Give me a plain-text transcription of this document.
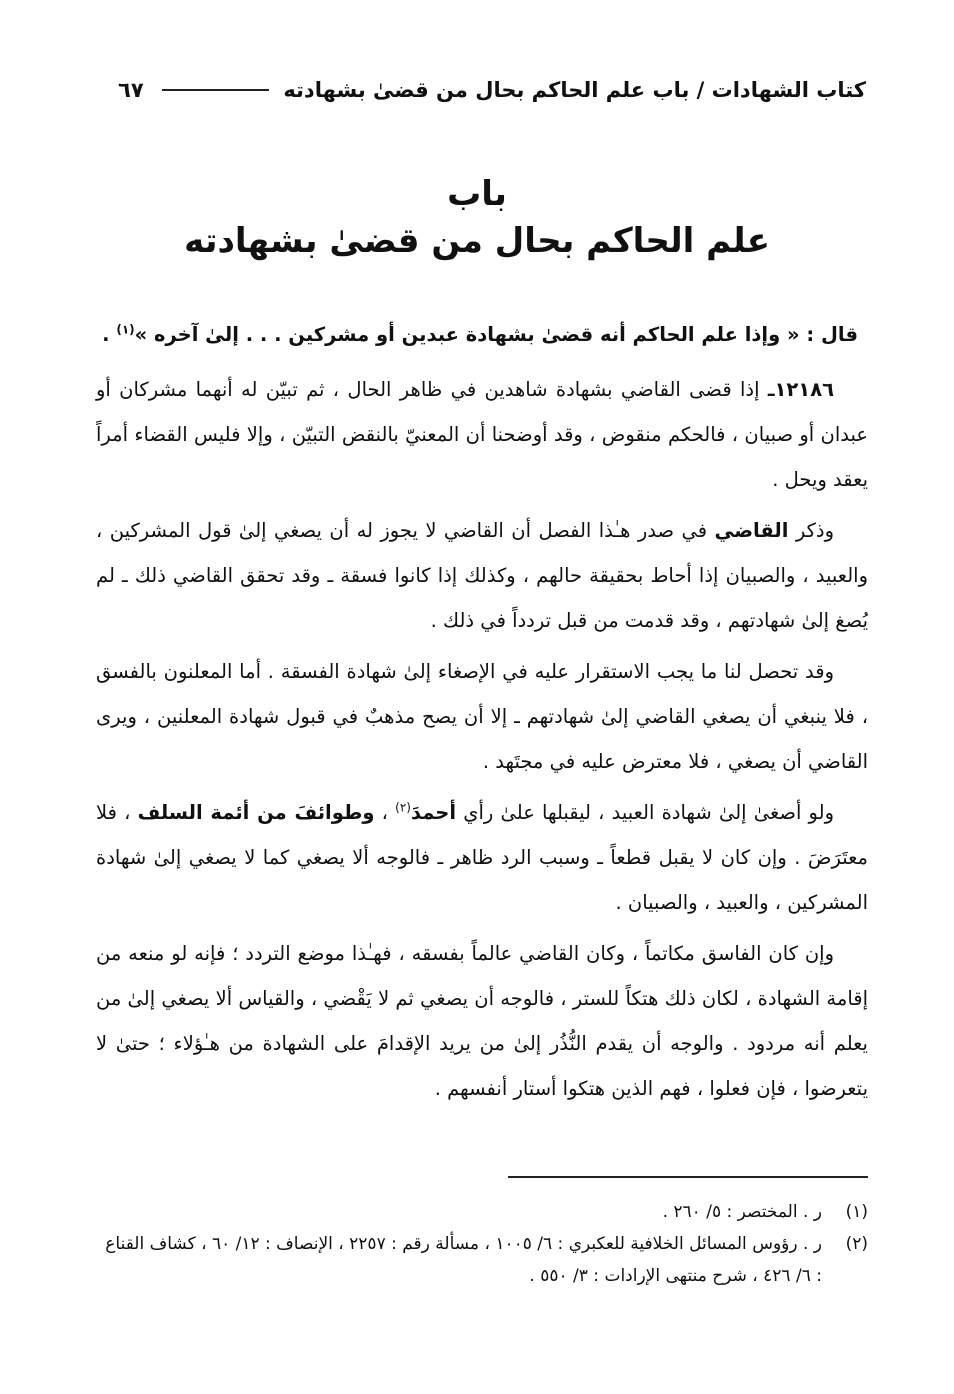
كتاب الشهادات / باب علم الحاكم بحال من قضىٰ بشهادته
٦٧
باب
علم الحاكم بحال من قضىٰ بشهادته

قال : « وإذا علم الحاكم أنه قضىٰ بشهادة عبدين أو مشركين . . . إلىٰ آخره »$^{(١)}$ .

١٢١٨٦ـ إذا قضى القاضي بشهادة شاهدين في ظاهر الحال ، ثم تبيّن له أنهما مشركان أو عبدان أو صبيان ، فالحكم منقوض ، وقد أوضحنا أن المعنيّ بالنقض التبيّن ، وإلا فليس القضاء أمراً يعقد ويحل .

وذكر القاضي في صدر هـٰذا الفصل أن القاضي لا يجوز له أن يصغي إلىٰ قول المشركين ، والعبيد ، والصبيان إذا أحاط بحقيقة حالهم ، وكذلك إذا كانوا فسقة ـ وقد تحقق القاضي ذلك ـ لم يُصغ إلىٰ شهادتهم ، وقد قدمت من قبل تردداً في ذلك .

وقد تحصل لنا ما يجب الاستقرار عليه في الإصغاء إلىٰ شهادة الفسقة . أما المعلنون بالفسق ، فلا ينبغي أن يصغي القاضي إلىٰ شهادتهم ـ إلا أن يصح مذهبٌ في قبول شهادة المعلنين ، ويرى القاضي أن يصغي ، فلا معترض عليه في مجتَهد .

ولو أصغىٰ إلىٰ شهادة العبيد ، ليقبلها علىٰ رأي أحمدَ$^{(٢)}$ ، وطوائفَ من أئمة السلف ، فلا معتَرَضَ . وإن كان لا يقبل قطعاً ـ وسبب الرد ظاهر ـ فالوجه ألا يصغي كما لا يصغي إلىٰ شهادة المشركين ، والعبيد ، والصبيان .

وإن كان الفاسق مكاتماً ، وكان القاضي عالماً بفسقه ، فهـٰذا موضع التردد ؛ فإنه لو منعه من إقامة الشهادة ، لكان ذلك هتكاً للستر ، فالوجه أن يصغي ثم لا يَقْضي ، والقياس ألا يصغي إلىٰ من يعلم أنه مردود . والوجه أن يقدم النُّذُر إلىٰ من يريد الإقدامَ على الشهادة من هـٰؤلاء ؛ حتىٰ لا يتعرضوا ، فإن فعلوا ، فهم الذين هتكوا أستار أنفسهم .

(١)
ر . المختصر : ٥/ ٢٦٠ .
(٢)
ر . رؤوس المسائل الخلافية للعكبري : ٦/ ١٠٠٥ ، مسألة رقم : ٢٢٥٧ ، الإنصاف : ١٢/ ٦٠ ، كشاف القناع : ٦/ ٤٢٦ ، شرح منتهى الإرادات : ٣/ ٥٥٠ .
